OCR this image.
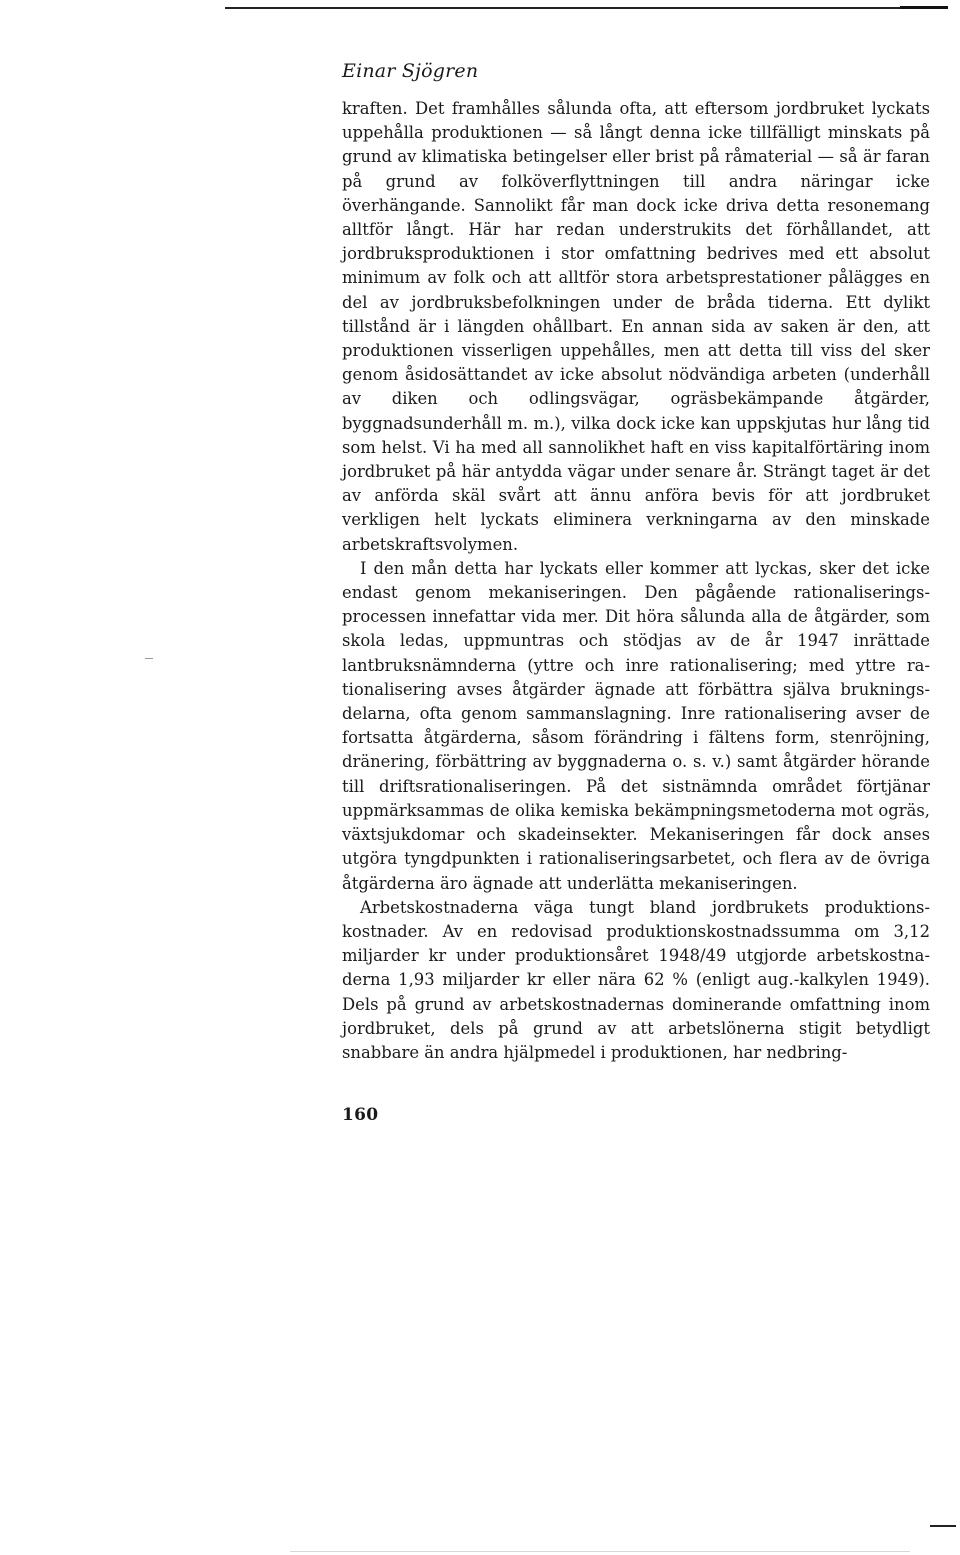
Einar Sjögren

kraften. Det framhålles sålunda ofta, att eftersom jordbruket lyckats uppehålla produktionen — så långt denna icke tillfälligt minskats på grund av klimatiska betingelser eller brist på råmaterial — så är faran på grund av folköverflyttningen till andra näringar icke överhängande. Sannolikt får man dock icke driva detta resonemang alltför långt. Här har redan understrukits det förhållandet, att jordbruksproduktionen i stor omfattning bedrives med ett absolut minimum av folk och att alltför stora arbetsprestationer pålägges en del av jordbruksbefolkningen under de bråda tiderna. Ett dylikt tillstånd är i längden ohållbart. En annan sida av saken är den, att produktionen visserligen uppehålles, men att detta till viss del sker genom åsidosättandet av icke absolut nödvändiga arbeten (underhåll av diken och odlingsvägar, ogräsbekämpande åtgärder, byggnadsunderhåll m. m.), vilka dock icke kan uppskjutas hur lång tid som helst. Vi ha med all sannolikhet haft en viss kapitalförtäring inom jordbruket på här antydda vägar under senare år. Strängt taget är det av anförda skäl svårt att ännu anföra bevis för att jordbruket verkligen helt lyckats eliminera verkningarna av den minskade arbetskraftsvolymen.

I den mån detta har lyckats eller kommer att lyckas, sker det icke endast genom mekaniseringen. Den pågående rationaliseringsprocessen innefattar vida mer. Dit höra sålunda alla de åtgärder, som skola ledas, uppmuntras och stödjas av de år 1947 inrättade lantbruksnämnderna (yttre och inre rationalisering; med yttre rationalisering avses åtgärder ägnade att förbättra själva brukningsdelarna, ofta genom sammanslagning. Inre rationalisering avser de fortsatta åtgärderna, såsom förändring i fältens form, stenröjning, dränering, förbättring av byggnaderna o. s. v.) samt åtgärder hörande till driftsrationaliseringen. På det sistnämnda området förtjänar uppmärksammas de olika kemiska bekämpningsmetoderna mot ogräs, växtsjukdomar och skadeinsekter. Mekaniseringen får dock anses utgöra tyngdpunkten i rationaliseringsarbetet, och flera av de övriga åtgärderna äro ägnade att underlätta mekaniseringen.

Arbetskostnaderna väga tungt bland jordbrukets produktionskostnader. Av en redovisad produktionskostnadssumma om 3,12 miljarder kr under produktionsåret 1948/49 utgjorde arbetskostnaderna 1,93 miljarder kr eller nära 62 % (enligt aug.-kalkylen 1949). Dels på grund av arbetskostnadernas dominerande omfattning inom jordbruket, dels på grund av att arbetslönerna stigit betydligt snabbare än andra hjälpmedel i produktionen, har nedbring-

160
